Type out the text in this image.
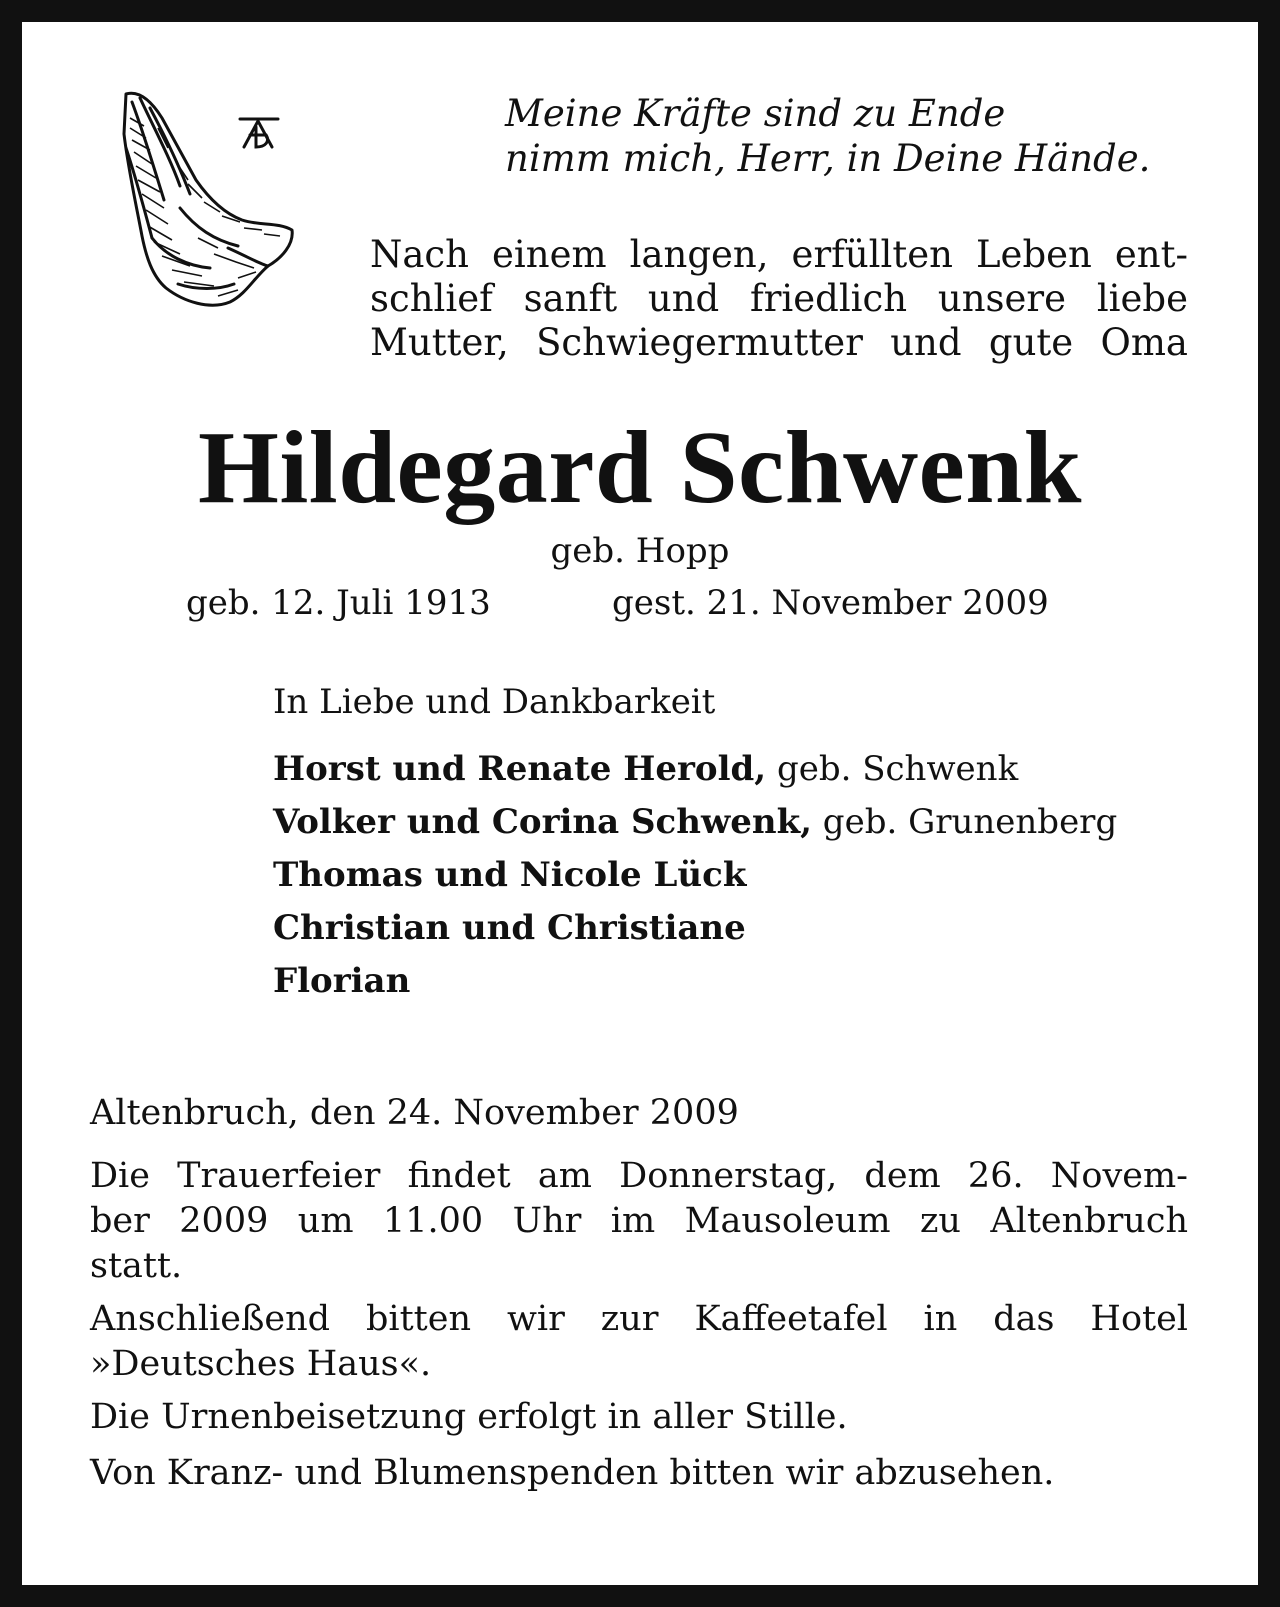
Meine Kräfte sind zu Ende

nimm mich, Herr, in Deine Hände.

Nach einem langen, erfüllten Leben ent-

schlief sanft und friedlich unsere liebe

Mutter, Schwiegermutter und gute Oma

Hildegard Schwenk

geb. Hopp

geb. 12. Juli 1913	gest. 21. November 2009

In Liebe und Dankbarkeit

Horst und Renate Herold, geb. Schwenk

Volker und Corina Schwenk, geb. Grunenberg

Thomas und Nicole Lück

Christian und Christiane

Florian

Altenbruch, den 24. November 2009

Die Trauerfeier findet am Donnerstag, dem 26. Novem-

ber 2009 um 11.00 Uhr im Mausoleum zu Altenbruch

statt.

Anschließend bitten wir zur Kaffeetafel in das Hotel

»Deutsches Haus«.

Die Urnenbeisetzung erfolgt in aller Stille.

Von Kranz- und Blumenspenden bitten wir abzusehen.
